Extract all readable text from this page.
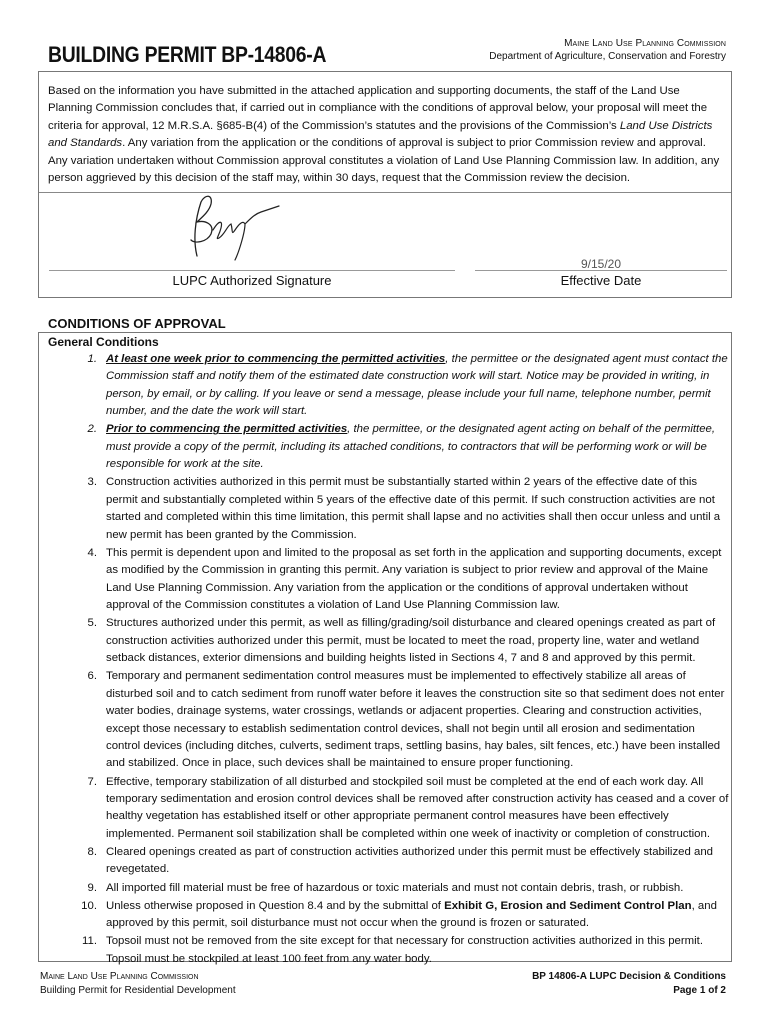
BUILDING PERMIT BP-14806-A	Maine Land Use Planning Commission
Department of Agriculture, Conservation and Forestry
Based on the information you have submitted in the attached application and supporting documents, the staff of the Land Use Planning Commission concludes that, if carried out in compliance with the conditions of approval below, your proposal will meet the criteria for approval, 12 M.R.S.A. §685-B(4) of the Commission’s statutes and the provisions of the Commission’s Land Use Districts and Standards. Any variation from the application or the conditions of approval is subject to prior Commission review and approval. Any variation undertaken without Commission approval constitutes a violation of Land Use Planning Commission law. In addition, any person aggrieved by this decision of the staff may, within 30 days, request that the Commission review the decision.
LUPC Authorized Signature
9/15/20
Effective Date
CONDITIONS OF APPROVAL
General Conditions
1. At least one week prior to commencing the permitted activities, the permittee or the designated agent must contact the Commission staff and notify them of the estimated date construction work will start. Notice may be provided in writing, in person, by email, or by calling. If you leave or send a message, please include your full name, telephone number, permit number, and the date the work will start.
2. Prior to commencing the permitted activities, the permittee, or the designated agent acting on behalf of the permittee, must provide a copy of the permit, including its attached conditions, to contractors that will be performing work or will be responsible for work at the site.
3. Construction activities authorized in this permit must be substantially started within 2 years of the effective date of this permit and substantially completed within 5 years of the effective date of this permit. If such construction activities are not started and completed within this time limitation, this permit shall lapse and no activities shall then occur unless and until a new permit has been granted by the Commission.
4. This permit is dependent upon and limited to the proposal as set forth in the application and supporting documents, except as modified by the Commission in granting this permit. Any variation is subject to prior review and approval of the Maine Land Use Planning Commission. Any variation from the application or the conditions of approval undertaken without approval of the Commission constitutes a violation of Land Use Planning Commission law.
5. Structures authorized under this permit, as well as filling/grading/soil disturbance and cleared openings created as part of construction activities authorized under this permit, must be located to meet the road, property line, water and wetland setback distances, exterior dimensions and building heights listed in Sections 4, 7 and 8 and approved by this permit.
6. Temporary and permanent sedimentation control measures must be implemented to effectively stabilize all areas of disturbed soil and to catch sediment from runoff water before it leaves the construction site so that sediment does not enter water bodies, drainage systems, water crossings, wetlands or adjacent properties. Clearing and construction activities, except those necessary to establish sedimentation control devices, shall not begin until all erosion and sedimentation control devices (including ditches, culverts, sediment traps, settling basins, hay bales, silt fences, etc.) have been installed and stabilized. Once in place, such devices shall be maintained to ensure proper functioning.
7. Effective, temporary stabilization of all disturbed and stockpiled soil must be completed at the end of each work day. All temporary sedimentation and erosion control devices shall be removed after construction activity has ceased and a cover of healthy vegetation has established itself or other appropriate permanent control measures have been effectively implemented. Permanent soil stabilization shall be completed within one week of inactivity or completion of construction.
8. Cleared openings created as part of construction activities authorized under this permit must be effectively stabilized and revegetated.
9. All imported fill material must be free of hazardous or toxic materials and must not contain debris, trash, or rubbish.
10. Unless otherwise proposed in Question 8.4 and by the submittal of Exhibit G, Erosion and Sediment Control Plan, and approved by this permit, soil disturbance must not occur when the ground is frozen or saturated.
11. Topsoil must not be removed from the site except for that necessary for construction activities authorized in this permit. Topsoil must be stockpiled at least 100 feet from any water body.
Maine Land Use Planning Commission
Building Permit for Residential Development
BP 14806-A LUPC Decision & Conditions
Page 1 of 2
